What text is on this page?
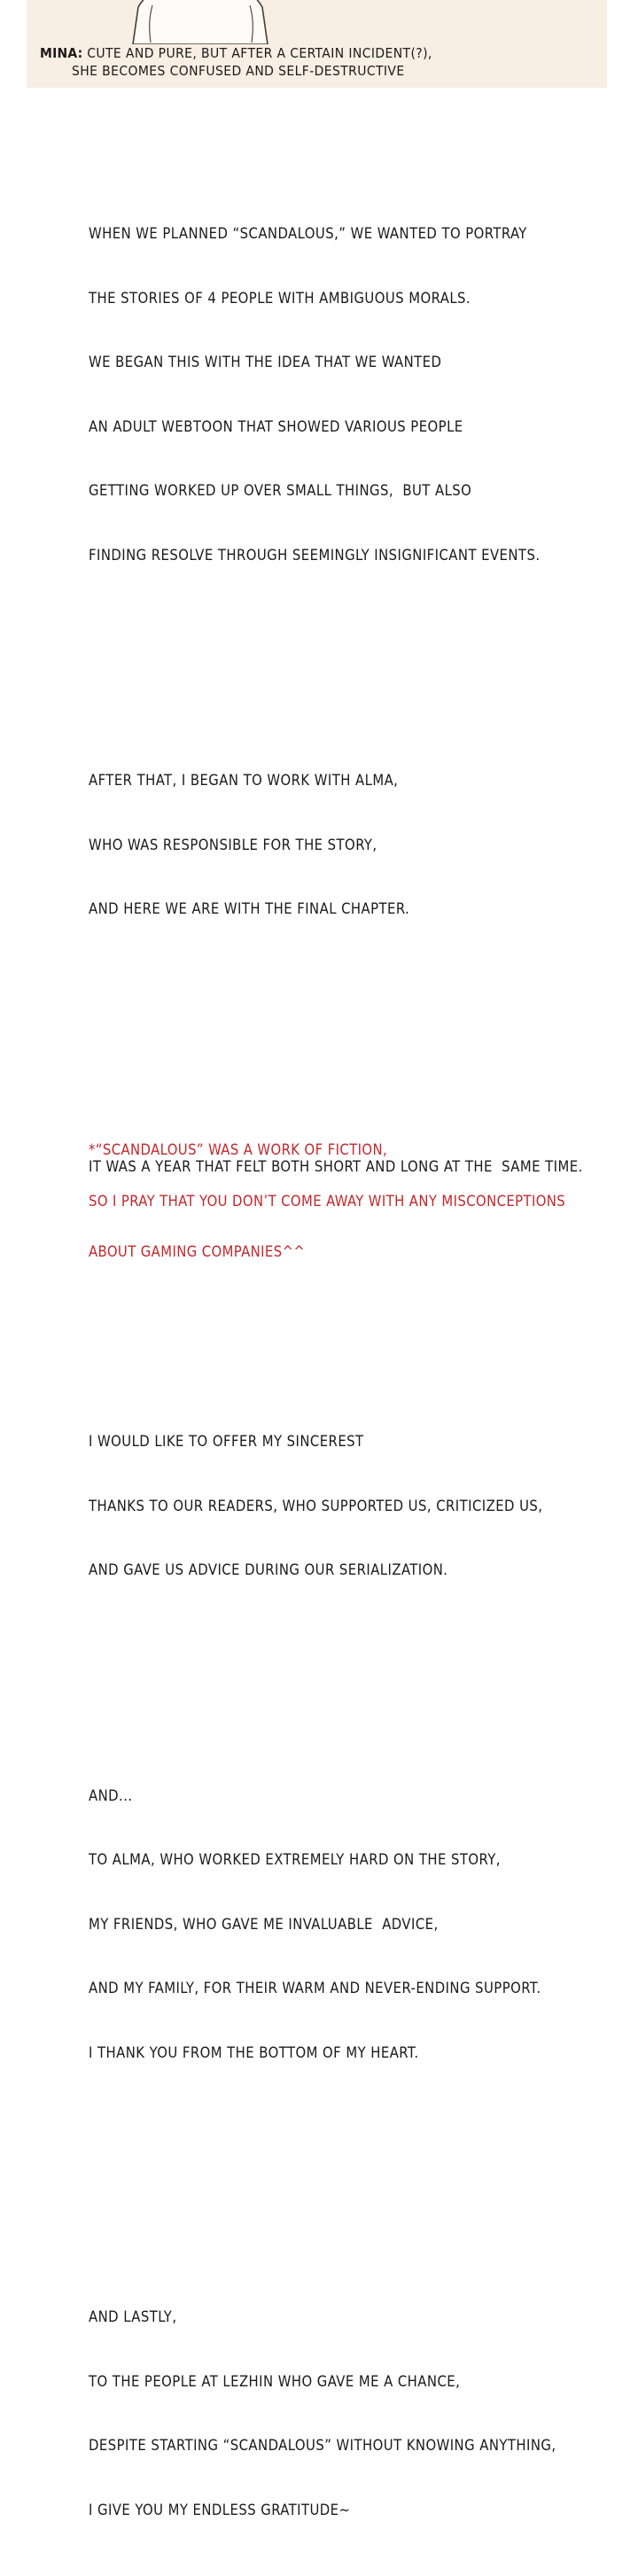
MINA: CUTE AND PURE, BUT AFTER A CERTAIN INCIDENT(?),
SHE BECOMES CONFUSED AND SELF-DESTRUCTIVE

WHEN WE PLANNED “SCANDALOUS,” WE WANTED TO PORTRAY

THE STORIES OF 4 PEOPLE WITH AMBIGUOUS MORALS.

WE BEGAN THIS WITH THE IDEA THAT WE WANTED

AN ADULT WEBTOON THAT SHOWED VARIOUS PEOPLE

GETTING WORKED UP OVER SMALL THINGS,  BUT ALSO

FINDING RESOLVE THROUGH SEEMINGLY INSIGNIFICANT EVENTS.

AFTER THAT, I BEGAN TO WORK WITH ALMA,

WHO WAS RESPONSIBLE FOR THE STORY,

AND HERE WE ARE WITH THE FINAL CHAPTER.

IT WAS A YEAR THAT FELT BOTH SHORT AND LONG AT THE  SAME TIME.

I WOULD LIKE TO OFFER MY SINCEREST

THANKS TO OUR READERS, WHO SUPPORTED US, CRITICIZED US,

AND GAVE US ADVICE DURING OUR SERIALIZATION.

AND...

TO ALMA, WHO WORKED EXTREMELY HARD ON THE STORY,

MY FRIENDS, WHO GAVE ME INVALUABLE  ADVICE,

AND MY FAMILY, FOR THEIR WARM AND NEVER-ENDING SUPPORT.

I THANK YOU FROM THE BOTTOM OF MY HEART.

AND LASTLY,

TO THE PEOPLE AT LEZHIN WHO GAVE ME A CHANCE,

DESPITE STARTING “SCANDALOUS” WITHOUT KNOWING ANYTHING,

I GIVE YOU MY ENDLESS GRATITUDE~

*“SCANDALOUS” WAS A WORK OF FICTION,

SO I PRAY THAT YOU DON’T COME AWAY WITH ANY MISCONCEPTIONS

ABOUT GAMING COMPANIES^^
